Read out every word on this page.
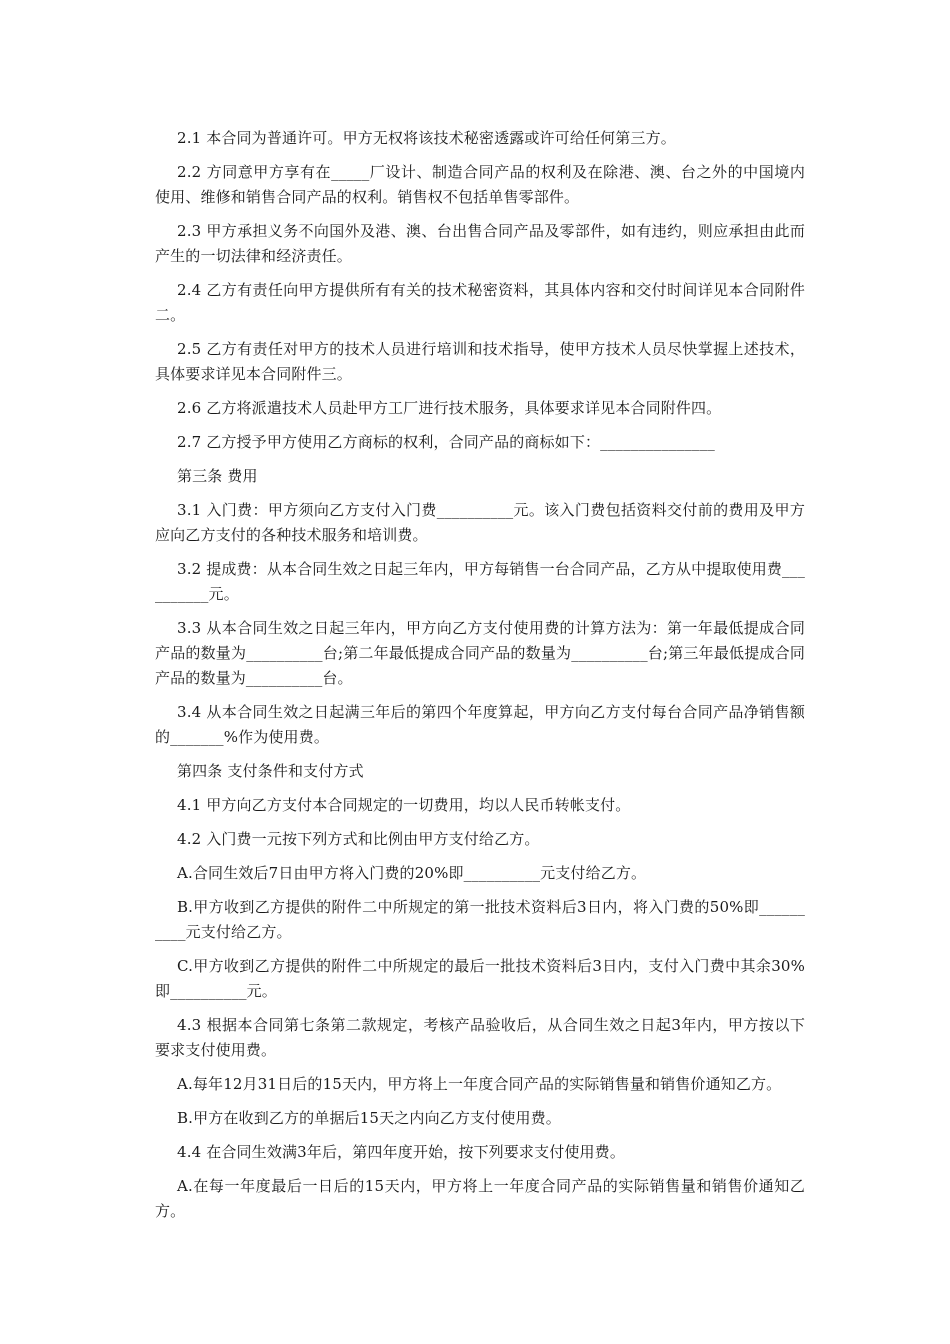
2.1 本合同为普通许可。甲方无权将该技术秘密透露或许可给任何第三方。

2.2 方同意甲方享有在_____厂设计、制造合同产品的权利及在除港、澳、台之外的中国境内使用、维修和销售合同产品的权利。销售权不包括单售零部件。

2.3 甲方承担义务不向国外及港、澳、台出售合同产品及零部件，如有违约，则应承担由此而产生的一切法律和经济责任。

2.4 乙方有责任向甲方提供所有有关的技术秘密资料，其具体内容和交付时间详见本合同附件二。

2.5 乙方有责任对甲方的技术人员进行培训和技术指导，使甲方技术人员尽快掌握上述技术，具体要求详见本合同附件三。

2.6 乙方将派遣技术人员赴甲方工厂进行技术服务，具体要求详见本合同附件四。

2.7 乙方授予甲方使用乙方商标的权利，合同产品的商标如下：_______________

第三条 费用

3.1 入门费：甲方须向乙方支付入门费__________元。该入门费包括资料交付前的费用及甲方应向乙方支付的各种技术服务和培训费。

3.2 提成费：从本合同生效之日起三年内，甲方每销售一台合同产品，乙方从中提取使用费__________元。

3.3 从本合同生效之日起三年内，甲方向乙方支付使用费的计算方法为：第一年最低提成合同产品的数量为__________台;第二年最低提成合同产品的数量为__________台;第三年最低提成合同产品的数量为__________台。

3.4 从本合同生效之日起满三年后的第四个年度算起，甲方向乙方支付每台合同产品净销售额的_______%作为使用费。

第四条 支付条件和支付方式

4.1 甲方向乙方支付本合同规定的一切费用，均以人民币转帐支付。

4.2 入门费一元按下列方式和比例由甲方支付给乙方。

A.合同生效后7日由甲方将入门费的20%即__________元支付给乙方。

B.甲方收到乙方提供的附件二中所规定的第一批技术资料后3日内，将入门费的50%即__________元支付给乙方。

C.甲方收到乙方提供的附件二中所规定的最后一批技术资料后3日内，支付入门费中其余30%即__________元。

4.3 根据本合同第七条第二款规定，考核产品验收后，从合同生效之日起3年内，甲方按以下要求支付使用费。

A.每年12月31日后的15天内，甲方将上一年度合同产品的实际销售量和销售价通知乙方。

B.甲方在收到乙方的单据后15天之内向乙方支付使用费。

4.4 在合同生效满3年后，第四年度开始，按下列要求支付使用费。

A.在每一年度最后一日后的15天内，甲方将上一年度合同产品的实际销售量和销售价通知乙方。
